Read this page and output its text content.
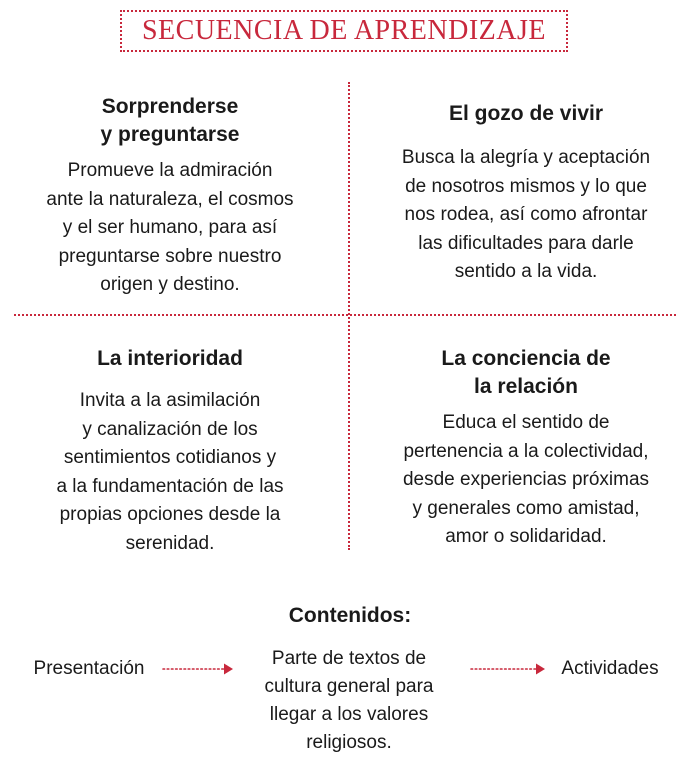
SECUENCIA DE APRENDIZAJE
Sorprenderse
y preguntarse

Promueve la admiración
ante la naturaleza, el cosmos
y el ser humano, para así
preguntarse sobre nuestro
origen y destino.

El gozo de vivir

Busca la alegría y aceptación
de nosotros mismos y lo que
nos rodea, así como afrontar
las dificultades para darle
sentido a la vida.

La interioridad

Invita a la asimilación
y canalización de los
sentimientos cotidianos y
a la fundamentación de las
propias opciones desde la
serenidad.

La conciencia de
la relación

Educa el sentido de
pertenencia a la colectividad,
desde experiencias próximas
y generales como amistad,
amor o solidaridad.

Contenidos:
Presentación	Parte de textos de
cultura general para
llegar a los valores
religiosos.
Actividades
